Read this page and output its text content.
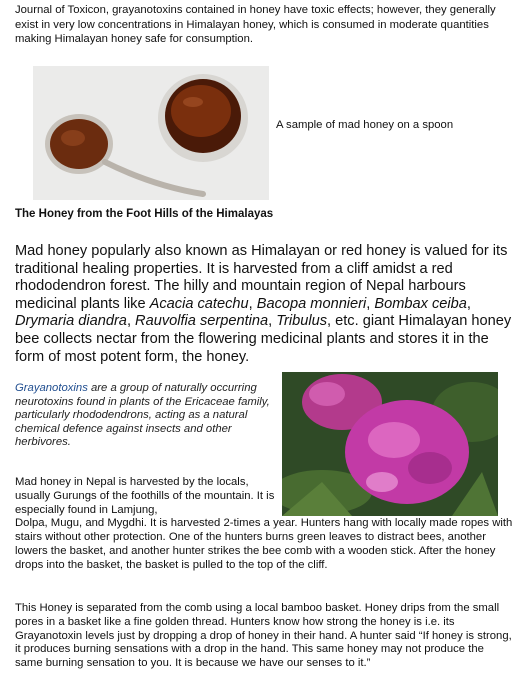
Journal of Toxicon, grayanotoxins contained in honey have toxic effects; however, they generally exist in very low concentrations in Himalayan honey, which is consumed in moderate quantities making Himalayan honey safe for consumption.

A sample of mad honey on a spoon

The Honey from the Foot Hills of the Himalayas

Mad honey popularly also known as Himalayan or red honey is valued for its traditional healing properties. It is harvested from a cliff amidst a red rhododendron forest. The hilly and mountain region of Nepal harbours medicinal plants like Acacia catechu, Bacopa monnieri, Bombax ceiba, Drymaria diandra, Rauvolfia serpentina, Tribulus, etc. giant Himalayan honey bee collects nectar from the flowering medicinal plants and stores it in the form of most potent form, the honey.

Grayanotoxins are a group of naturally occurring neurotoxins found in plants of the Ericaceae family, particularly rhododendrons, acting as a natural chemical defence against insects and other herbivores.

Mad honey in Nepal is harvested by the locals, usually Gurungs of the foothills of the mountain. It is especially found in Lamjung,
Dolpa, Mugu, and Mygdhi. It is harvested 2-times a year. Hunters hang with locally made ropes with stairs without other protection. One of the hunters burns green leaves to distract bees, another lowers the basket, and another hunter strikes the bee comb with a wooden stick. After the honey drops into the basket, the basket is pulled to the top of the cliff.

This Honey is separated from the comb using a local bamboo basket. Honey drips from the small pores in a basket like a fine golden thread. Hunters know how strong the honey is i.e. its Grayanotoxin levels just by dropping a drop of honey in their hand. A hunter said “If honey is strong, it produces burning sensations with a drop in the hand. This same honey may not produce the same burning sensation to you. It is because we have our senses to it.”
